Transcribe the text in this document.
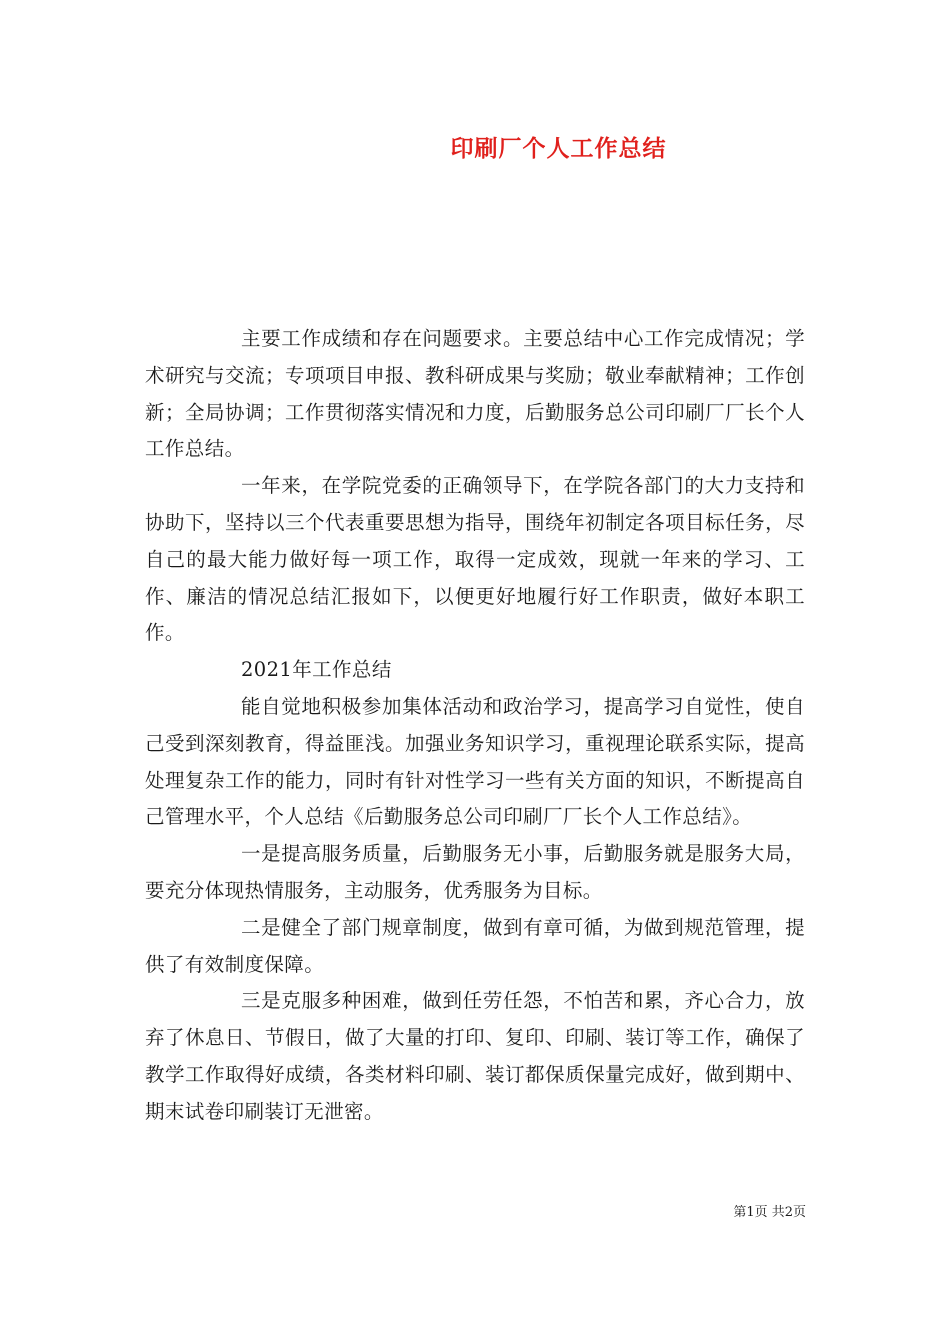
印刷厂个人工作总结

主要工作成绩和存在问题要求。主要总结中心工作完成情况；学术研究与交流；专项项目申报、教科研成果与奖励；敬业奉献精神；工作创新；全局协调；工作贯彻落实情况和力度，后勤服务总公司印刷厂厂长个人工作总结。

一年来，在学院党委的正确领导下，在学院各部门的大力支持和协助下，坚持以三个代表重要思想为指导，围绕年初制定各项目标任务，尽自己的最大能力做好每一项工作，取得一定成效，现就一年来的学习、工作、廉洁的情况总结汇报如下，以便更好地履行好工作职责，做好本职工作。

2021年工作总结

能自觉地积极参加集体活动和政治学习，提高学习自觉性，使自己受到深刻教育，得益匪浅。加强业务知识学习，重视理论联系实际，提高处理复杂工作的能力，同时有针对性学习一些有关方面的知识，不断提高自己管理水平，个人总结《后勤服务总公司印刷厂厂长个人工作总结》。

一是提高服务质量，后勤服务无小事，后勤服务就是服务大局，要充分体现热情服务，主动服务，优秀服务为目标。

二是健全了部门规章制度，做到有章可循，为做到规范管理，提供了有效制度保障。

三是克服多种困难，做到任劳任怨，不怕苦和累，齐心合力，放弃了休息日、节假日，做了大量的打印、复印、印刷、装订等工作，确保了教学工作取得好成绩，各类材料印刷、装订都保质保量完成好，做到期中、期末试卷印刷装订无泄密。

第1页 共2页
